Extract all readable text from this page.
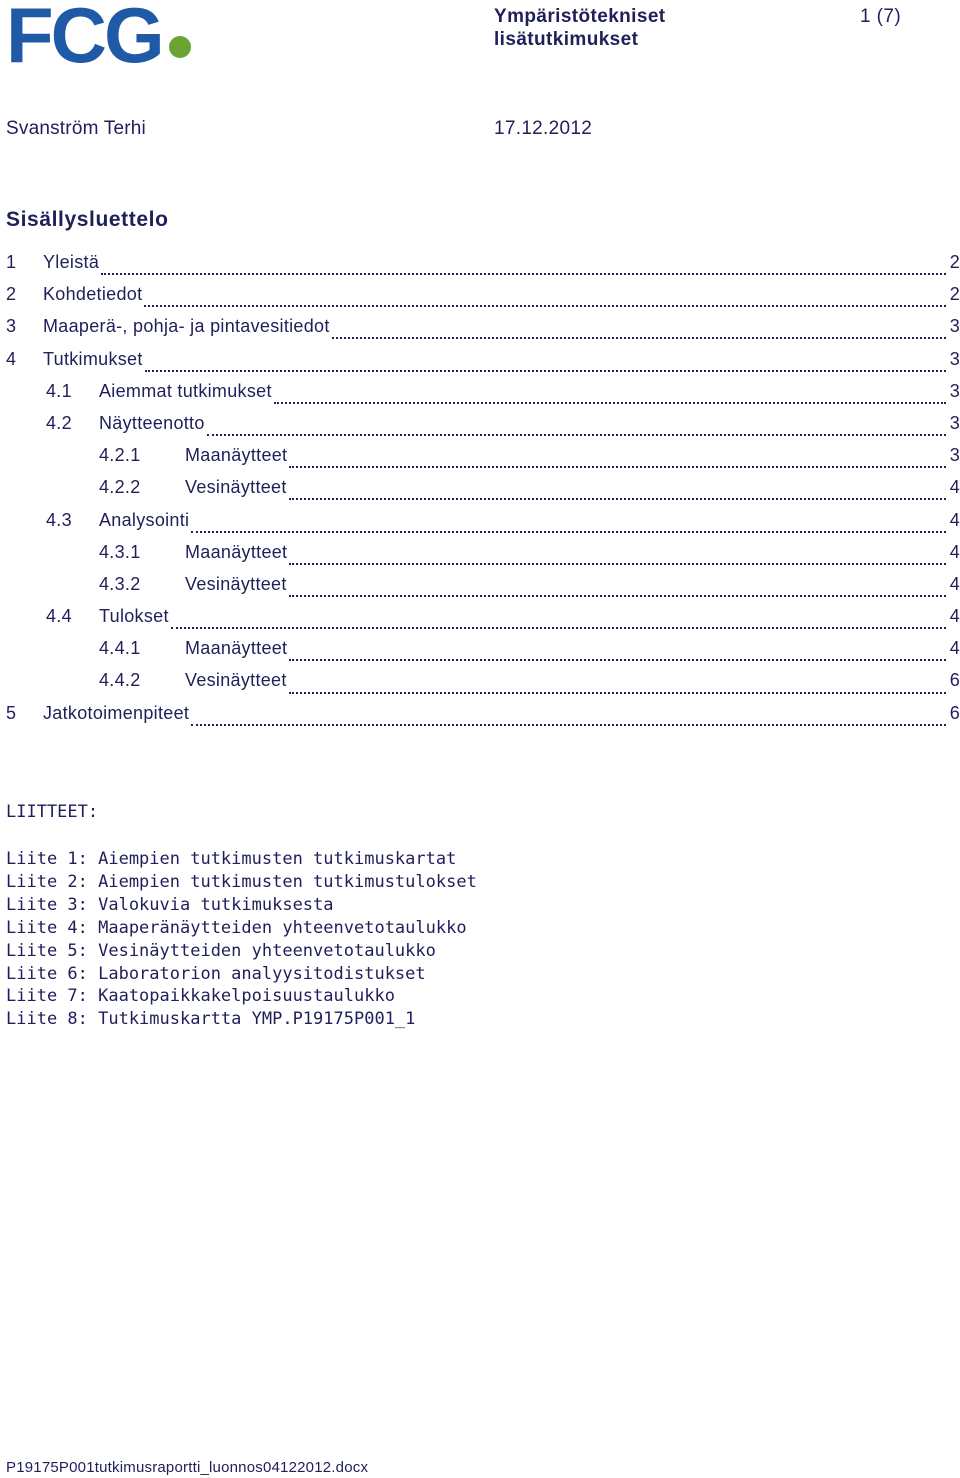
FCG	Ympäristötekniset
lisätutkimukset
1 (7)
Svanström Terhi	17.12.2012
Sisällysluettelo
1	Yleistä	2
2	Kohdetiedot	2
3	Maaperä-, pohja- ja pintavesitiedot	3
4	Tutkimukset	3
4.1	Aiemmat tutkimukset	3
4.2	Näytteenotto	3
4.2.1	Maanäytteet	3
4.2.2	Vesinäytteet	4
4.3	Analysointi	4
4.3.1	Maanäytteet	4
4.3.2	Vesinäytteet	4
4.4	Tulokset	4
4.4.1	Maanäytteet	4
4.4.2	Vesinäytteet	6
5	Jatkotoimenpiteet	6
LIITTEET:
Liite 1: Aiempien tutkimusten tutkimuskartat
Liite 2: Aiempien tutkimusten tutkimustulokset
Liite 3: Valokuvia tutkimuksesta
Liite 4: Maaperänäytteiden yhteenvetotaulukko
Liite 5: Vesinäytteiden yhteenvetotaulukko
Liite 6: Laboratorion analyysitodistukset
Liite 7: Kaatopaikkakelpoisuustaulukko
Liite 8: Tutkimuskartta YMP.P19175P001_1
P19175P001tutkimusraportti_luonnos04122012.docx
